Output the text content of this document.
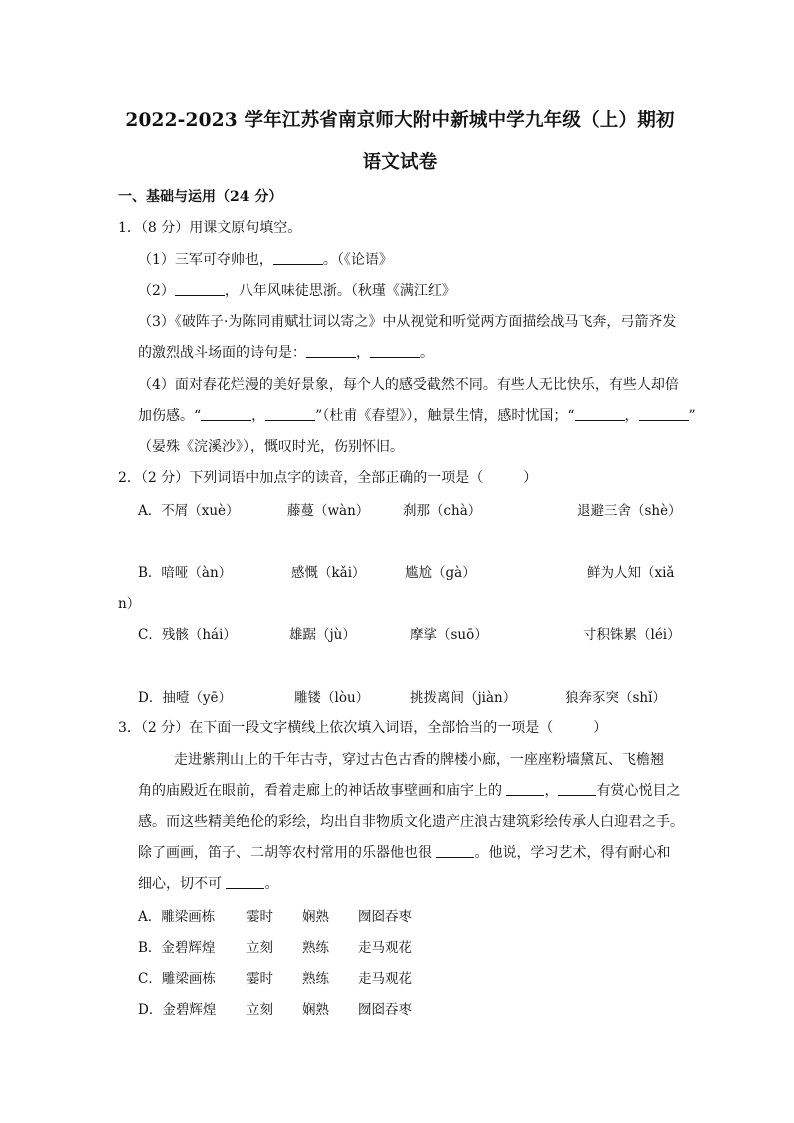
2022-2023 学年江苏省南京师大附中新城中学九年级（上）期初
语文试卷
一、基础与运用（24 分）
1．（8 分）用课文原句填空。
（1）三军可夺帅也，	。（《论语》
（2）	，八年风味徒思浙。（秋瑾《满江红》
（3）《破阵子·为陈同甫赋壮词以寄之》中从视觉和听觉两方面描绘战马飞奔，弓箭齐发
的激烈战斗场面的诗句是：	，	。
（4）面对春花烂漫的美好景象，每个人的感受截然不同。有些人无比快乐，有些人却倍
加伤感。“	，	”（杜甫《春望》），触景生情，感时忧国；“	，	”
（晏殊《浣溪沙》），慨叹时光，伤别怀旧。
2．（2 分）下列词语中加点字的读音，全部正确的一项是（	）
A．不屑（xuè）	藤蔓（wàn） 刹那（chà）	退避三舍（shè）
B．喑哑（àn）	感慨（kǎi）	尴尬（gà）	鲜为人知（xiǎ
n）
C．残骸（hái）	雄踞（jù）	摩挲（suō）	寸积铢累（léi）
D．抽噎（yē）	雕镂（lòu）	挑拨离间（jiàn）	狼奔豕突（shǐ）
3．（2 分）在下面一段文字横线上依次填入词语，全部恰当的一项是（	）
走进紫荆山上的千年古寺，穿过古色古香的牌楼小廊，一座座粉墙黛瓦、飞檐翘
角的庙殿近在眼前，看着走廊上的神话故事壁画和庙宇上的	，	有赏心悦目之
感。而这些精美绝伦的彩绘，均出自非物质文化遗产庄浪古建筑彩绘传承人白迎君之手。
除了画画，笛子、二胡等农村常用的乐器他也很	。他说，学习艺术，得有耐心和
细心，切不可	。
A．雕梁画栋 霎时 娴熟 囫囵吞枣
B．金碧辉煌 立刻 熟练 走马观花
C．雕梁画栋 霎时 熟练 走马观花
D．金碧辉煌 立刻 娴熟 囫囵吞枣
